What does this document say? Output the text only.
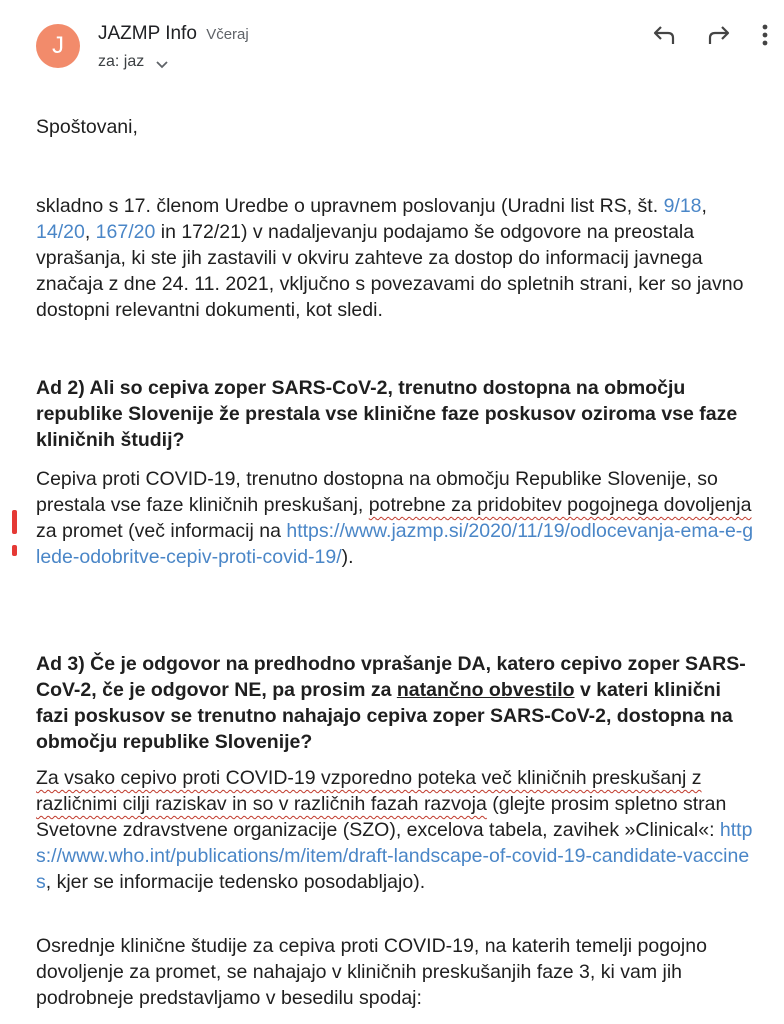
J	JAZMP Info Včeraj
za: jaz
Spoštovani,
skladno s 17. členom Uredbe o upravnem poslovanju (Uradni list RS, št. 9/18, 14/20, 167/20 in 172/21) v nadaljevanju podajamo še odgovore na preostala vprašanja, ki ste jih zastavili v okviru zahteve za dostop do informacij javnega značaja z dne 24. 11. 2021, vključno s povezavami do spletnih strani, ker so javno dostopni relevantni dokumenti, kot sledi.
Ad 2) Ali so cepiva zoper SARS-CoV-2, trenutno dostopna na območju republike Slovenije že prestala vse klinične faze poskusov oziroma vse faze kliničnih študij?
Cepiva proti COVID-19, trenutno dostopna na območju Republike Slovenije, so prestala vse faze kliničnih preskušanj, potrebne za pridobitev pogojnega dovoljenja za promet (več informacij na https://www.jazmp.si/2020/11/19/odlocevanja-ema-e-glede-odobritve-cepiv-proti-covid-19/).
Ad 3) Če je odgovor na predhodno vprašanje DA, katero cepivo zoper SARS-CoV-2, če je odgovor NE, pa prosim za natančno obvestilo v kateri klinični fazi poskusov se trenutno nahajajo cepiva zoper SARS-CoV-2, dostopna na območju republike Slovenije?
Za vsako cepivo proti COVID-19 vzporedno poteka več kliničnih preskušanj z različnimi cilji raziskav in so v različnih fazah razvoja (glejte prosim spletno stran Svetovne zdravstvene organizacije (SZO), excelova tabela, zavihek »Clinical«: https://www.who.int/publications/m/item/draft-landscape-of-covid-19-candidate-vaccines, kjer se informacije tedensko posodabljajo).
Osrednje klinične študije za cepiva proti COVID-19, na katerih temelji pogojno dovoljenje za promet, se nahajajo v kliničnih preskušanjih faze 3, ki vam jih podrobneje predstavljamo v besedilu spodaj:
